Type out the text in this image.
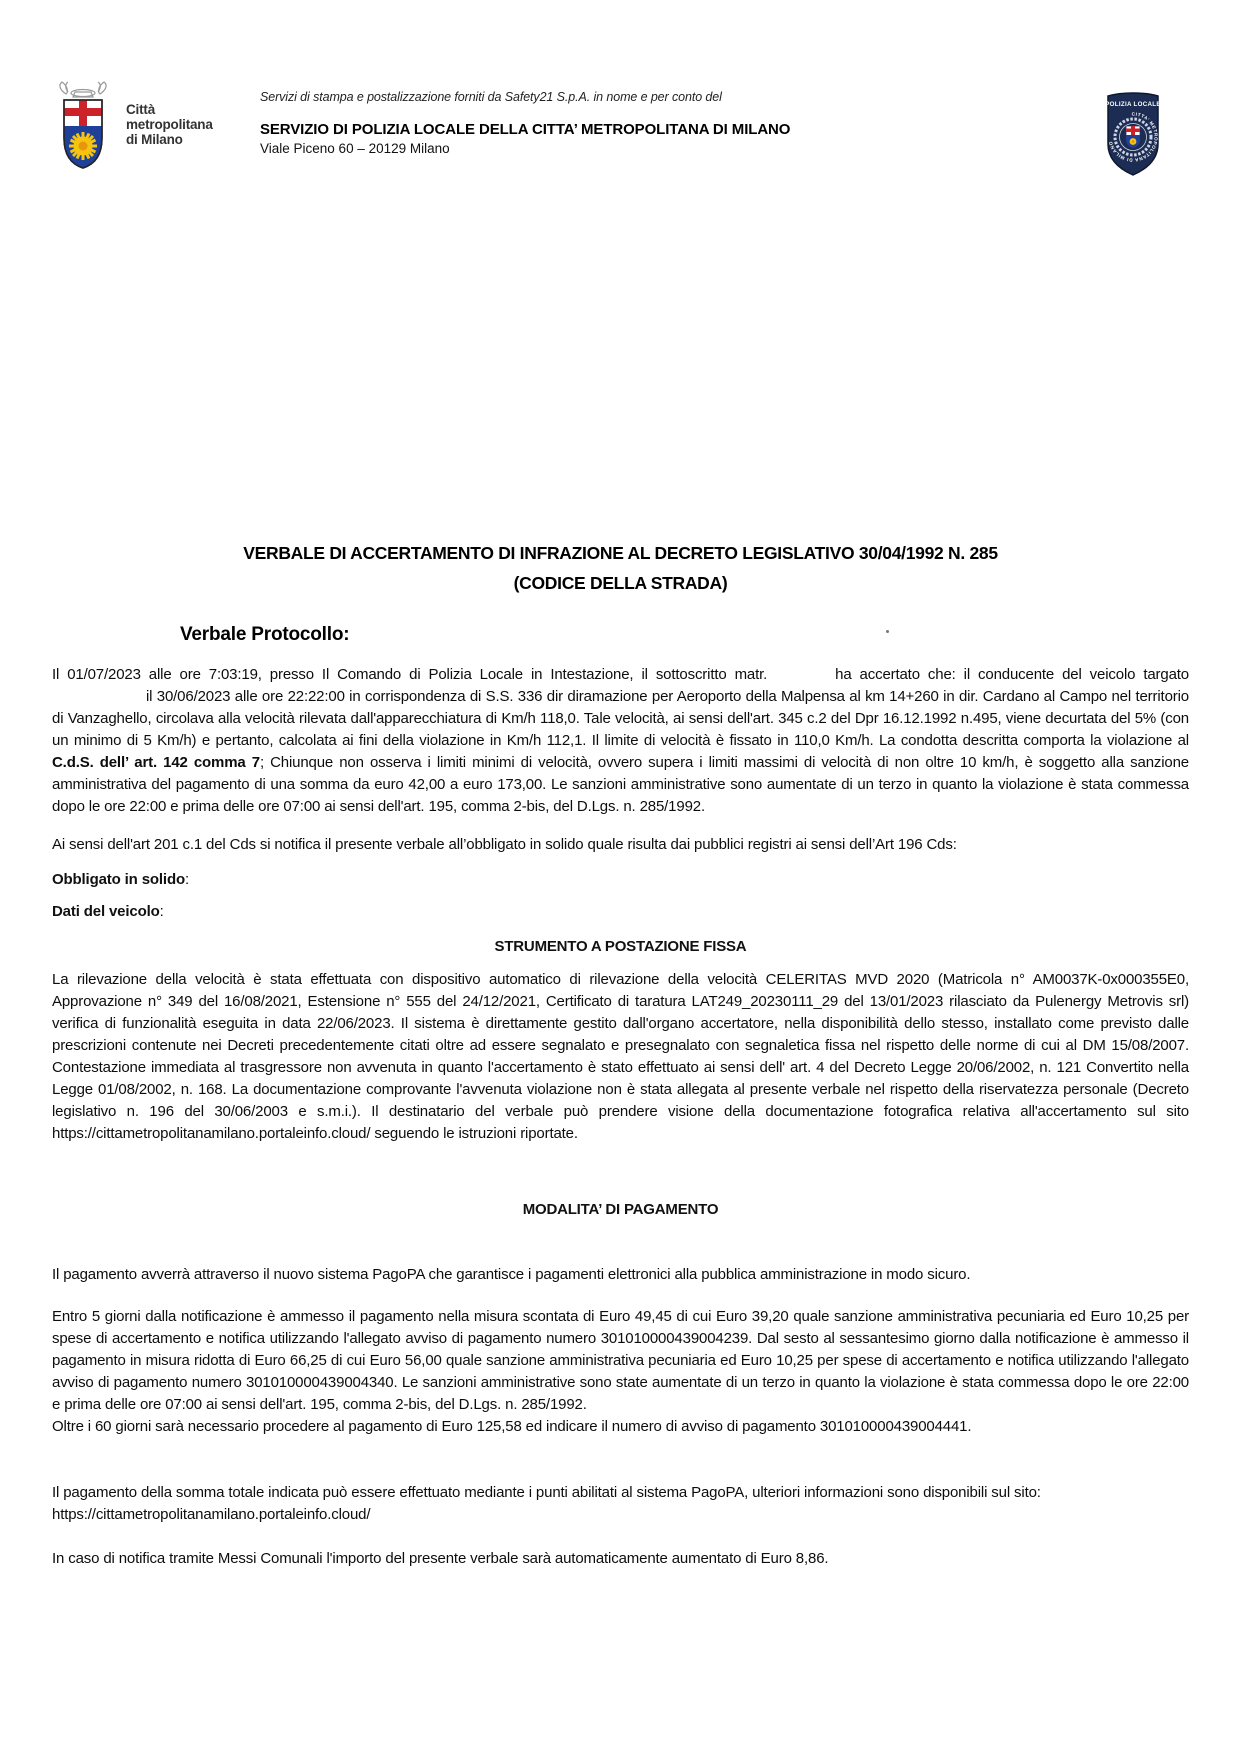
Città
metropolitana
di Milano
Servizi di stampa e postalizzazione forniti da Safety21 S.p.A. in nome e per conto del
SERVIZIO DI POLIZIA LOCALE DELLA CITTA’ METROPOLITANA DI MILANO
Viale Piceno 60 – 20129 Milano
POLIZIA LOCALE
CITTA’ METROPOLITANA DI MILANO
VERBALE DI ACCERTAMENTO DI INFRAZIONE AL DECRETO LEGISLATIVO 30/04/1992 N. 285
(CODICE DELLA STRADA)
Verbale Protocollo:

Il 01/07/2023 alle ore 7:03:19, presso Il Comando di Polizia Locale in Intestazione, il sottoscritto matr.	ha accertato che: il conducente del veicolo targatoil 30/06/2023 alle ore 22:22:00 in corrispondenza di S.S. 336 dir diramazione per Aeroporto della Malpensa al km 14+260 in dir. Cardano al Campo nel territorio di Vanzaghello, circolava alla velocità rilevata dall'apparecchiatura di Km/h 118,0. Tale velocità, ai sensi dell'art. 345 c.2 del Dpr 16.12.1992 n.495, viene decurtata del 5% (con un minimo di 5 Km/h) e pertanto, calcolata ai fini della violazione in Km/h 112,1. Il limite di velocità è fissato in 110,0 Km/h. La condotta descritta comporta la violazione al C.d.S. dell’ art. 142 comma 7; Chiunque non osserva i limiti minimi di velocità, ovvero supera i limiti massimi di velocità di non oltre 10 km/h, è soggetto alla sanzione amministrativa del pagamento di una somma da euro 42,00 a euro 173,00. Le sanzioni amministrative sono aumentate di un terzo in quanto la violazione è stata commessa dopo le ore 22:00 e prima delle ore 07:00 ai sensi dell'art. 195, comma 2-bis, del D.Lgs. n. 285/1992.

Ai sensi dell'art 201 c.1 del Cds si notifica il presente verbale all’obbligato in solido quale risulta dai pubblici registri ai sensi dell’Art 196 Cds:

Obbligato in solido:

Dati del veicolo:

STRUMENTO A POSTAZIONE FISSA

La rilevazione della velocità è stata effettuata con dispositivo automatico di rilevazione della velocità CELERITAS MVD 2020 (Matricola n° AM0037K-0x000355E0, Approvazione n° 349 del 16/08/2021, Estensione n° 555 del 24/12/2021, Certificato di taratura LAT249_20230111_29 del 13/01/2023 rilasciato da Pulenergy Metrovis srl) verifica di funzionalità eseguita in data 22/06/2023. Il sistema è direttamente gestito dall'organo accertatore, nella disponibilità dello stesso, installato come previsto dalle prescrizioni contenute nei Decreti precedentemente citati oltre ad essere segnalato e presegnalato con segnaletica fissa nel rispetto delle norme di cui al DM 15/08/2007. Contestazione immediata al trasgressore non avvenuta in quanto l'accertamento è stato effettuato ai sensi dell' art. 4 del Decreto Legge 20/06/2002, n. 121 Convertito nella Legge 01/08/2002, n. 168. La documentazione comprovante l'avvenuta violazione non è stata allegata al presente verbale nel rispetto della riservatezza personale (Decreto legislativo n. 196 del 30/06/2003 e s.m.i.). Il destinatario del verbale può prendere visione della documentazione fotografica relativa all'accertamento sul sito https://cittametropolitanamilano.portaleinfo.cloud/ seguendo le istruzioni riportate.

MODALITA’ DI PAGAMENTO

Il pagamento avverrà attraverso il nuovo sistema PagoPA che garantisce i pagamenti elettronici alla pubblica amministrazione in modo sicuro.

Entro 5 giorni dalla notificazione è ammesso il pagamento nella misura scontata di Euro 49,45 di cui Euro 39,20 quale sanzione amministrativa pecuniaria ed Euro 10,25 per spese di accertamento e notifica utilizzando l'allegato avviso di pagamento numero 301010000439004239. Dal sesto al sessantesimo giorno dalla notificazione è ammesso il pagamento in misura ridotta di Euro 66,25 di cui Euro 56,00 quale sanzione amministrativa pecuniaria ed Euro 10,25 per spese di accertamento e notifica utilizzando l'allegato avviso di pagamento numero 301010000439004340. Le sanzioni amministrative sono state aumentate di un terzo in quanto la violazione è stata commessa dopo le ore 22:00 e prima delle ore 07:00 ai sensi dell'art. 195, comma 2-bis, del D.Lgs. n. 285/1992.

Oltre i 60 giorni sarà necessario procedere al pagamento di Euro 125,58 ed indicare il numero di avviso di pagamento 301010000439004441.

Il pagamento della somma totale indicata può essere effettuato mediante i punti abilitati al sistema PagoPA, ulteriori informazioni sono disponibili sul sito:
https://cittametropolitanamilano.portaleinfo.cloud/

In caso di notifica tramite Messi Comunali l'importo del presente verbale sarà automaticamente aumentato di Euro 8,86.
